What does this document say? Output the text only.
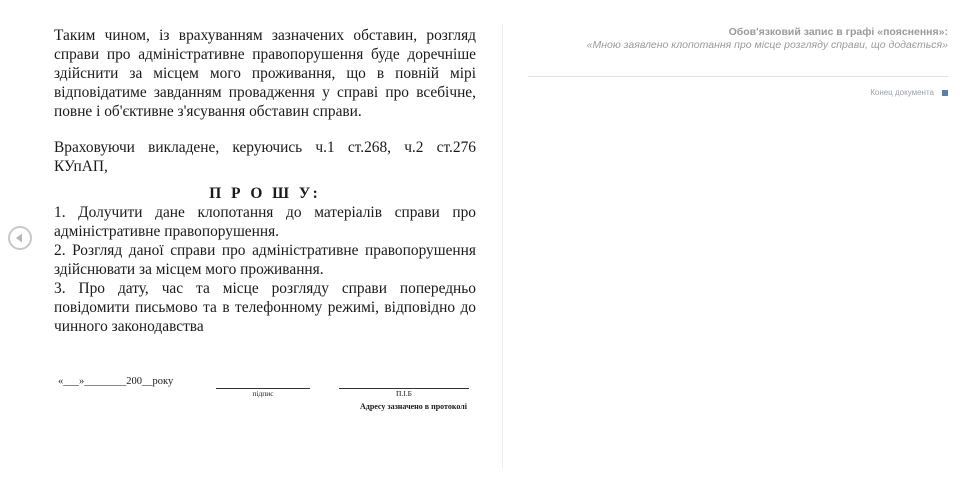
Таким чином, із врахуванням зазначених обставин, розгляд справи про адміністративне правопорушення буде доречніше здійснити за місцем мого проживання, що в повній мірі відповідатиме завданням провадження у справі про всебічне, повне і об'єктивне з'ясування обставин справи.

Враховуючи викладене, керуючись ч.1 ст.268, ч.2 ст.276 КУпАП,

П Р О Ш У:

1. Долучити дане клопотання до матеріалів справи про адміністративне правопорушення.

2. Розгляд даної справи про адміністративне правопорушення здійснювати за місцем мого проживання.

3. Про дату, час та місце розгляду справи попередньо повідомити письмово та в телефонному режимі, відповідно до чинного законодавства

«___»________200__року
підпис	П.І.Б
Адресу зазначено в протоколі
Обов'язковий запис в графі «пояснення»:
«Мною заявлено клопотання про місце розгляду справи, що додається»
Конец документа
